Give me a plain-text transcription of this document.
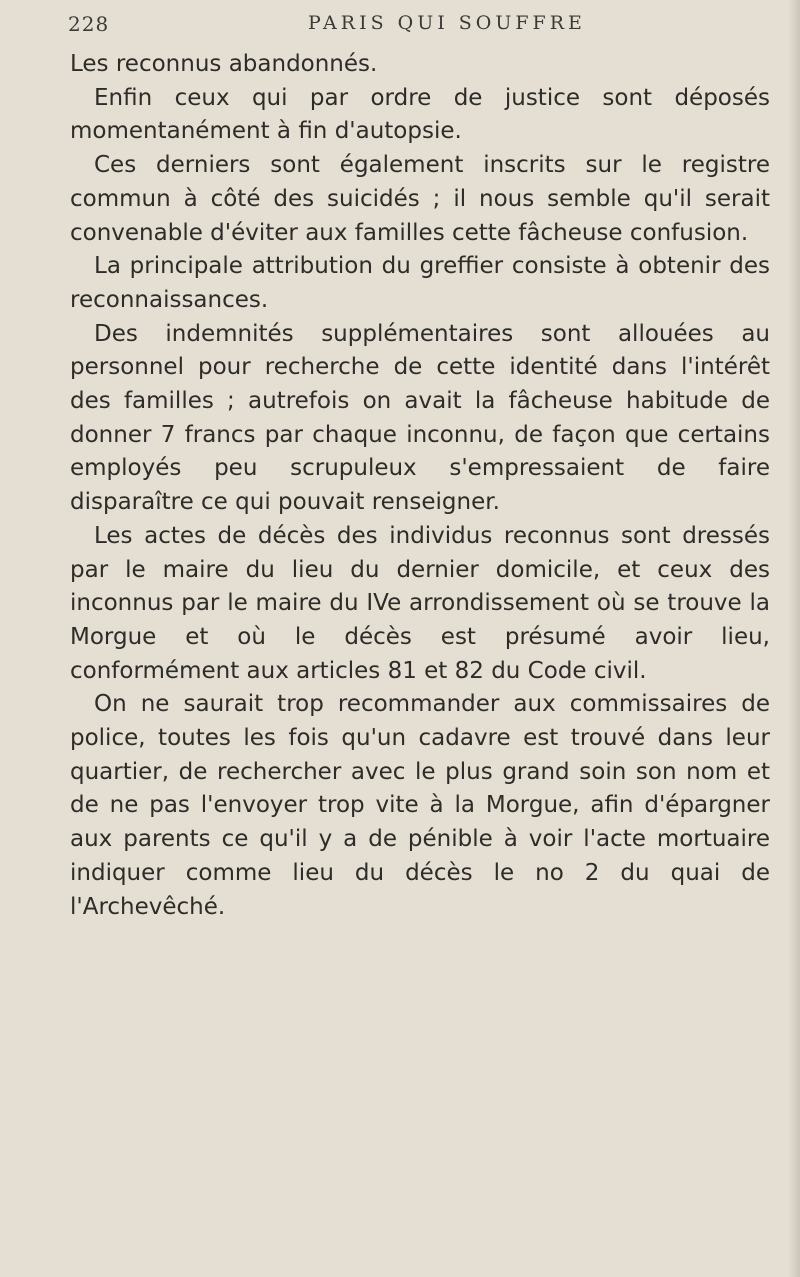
228	PARIS QUI SOUFFRE

Les reconnus abandonnés.

Enfin ceux qui par ordre de justice sont déposés momentanément à fin d'autopsie.

Ces derniers sont également inscrits sur le registre commun à côté des suicidés ; il nous semble qu'il serait convenable d'éviter aux familles cette fâcheuse confusion.

La principale attribution du greffier consiste à obtenir des reconnaissances.

Des indemnités supplémentaires sont allouées au personnel pour recherche de cette identité dans l'intérêt des familles ; autrefois on avait la fâcheuse habitude de donner 7 francs par chaque inconnu, de façon que certains employés peu scrupuleux s'empressaient de faire disparaître ce qui pouvait renseigner.

Les actes de décès des individus reconnus sont dressés par le maire du lieu du dernier domicile, et ceux des inconnus par le maire du IVe arrondissement où se trouve la Morgue et où le décès est présumé avoir lieu, conformément aux articles 81 et 82 du Code civil.

On ne saurait trop recommander aux commissaires de police, toutes les fois qu'un cadavre est trouvé dans leur quartier, de rechercher avec le plus grand soin son nom et de ne pas l'envoyer trop vite à la Morgue, afin d'épargner aux parents ce qu'il y a de pénible à voir l'acte mortuaire indiquer comme lieu du décès le no 2 du quai de l'Archevêché.
